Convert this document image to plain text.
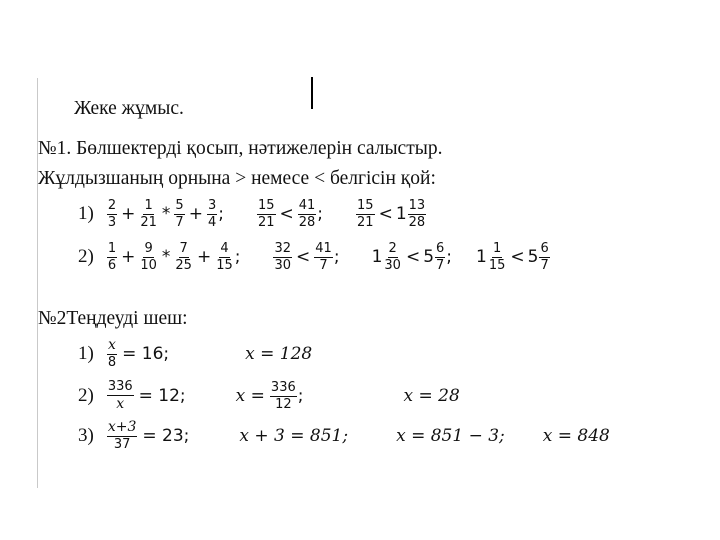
Жеке жұмыс.
№1. Бөлшектерді қосып, нәтижелерін салыстыр.
Жұлдызшаның орнына > немесе < белгісін қой:
$1) \frac{2}{3} + \frac{1}{21} * \frac{5}{7} + \frac{3}{4}$ ;	$\frac{15}{21} < \frac{41}{28}$ ;	$\frac{15}{21} < 1 \frac{13}{28}$
$2) \frac{1}{6} + \frac{9}{10} * \frac{7}{25} + \frac{4}{15}$ ;	$\frac{32}{30} < \frac{41}{7}$ ; $1 \frac{2}{30} < 5 \frac{6}{7}$ ; $1 \frac{1}{15} < 5 \frac{6}{7}$
№2Теңдеуді шеш:
$1) \frac{x}{8} = 16$;	x = 128
$2) \frac{336}{x} = 12$;	$x = \frac{336}{12}$ ;	x = 28
$3) \frac{x+3}{37} = 23$;	x + 3 = 851;	x = 851 − 3; x = 848
